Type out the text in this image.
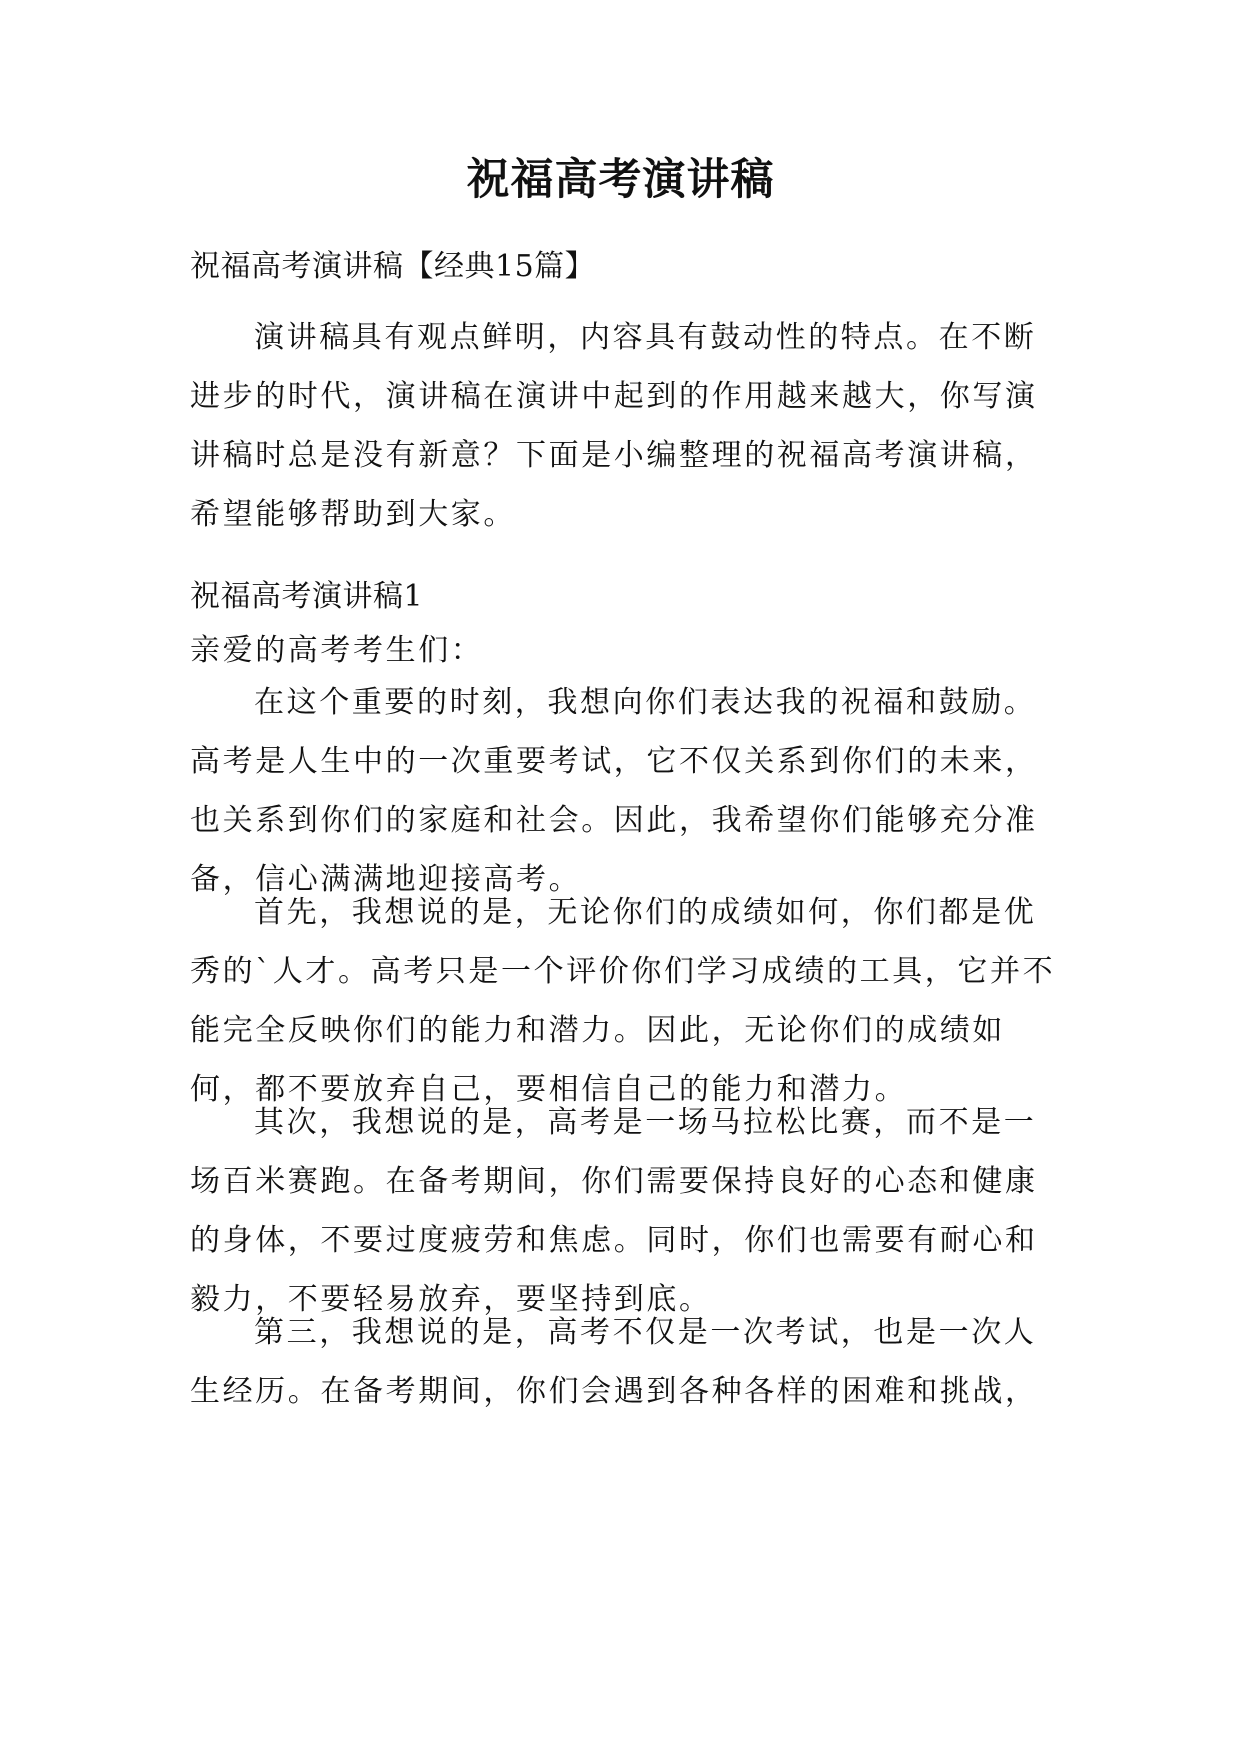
祝福高考演讲稿

祝福高考演讲稿【经典15篇】

演讲稿具有观点鲜明，内容具有鼓动性的特点。在不断进步的时代，演讲稿在演讲中起到的作用越来越大，你写演讲稿时总是没有新意？下面是小编整理的祝福高考演讲稿，希望能够帮助到大家。

祝福高考演讲稿1

亲爱的高考考生们：

在这个重要的时刻，我想向你们表达我的祝福和鼓励。高考是人生中的一次重要考试，它不仅关系到你们的未来，也关系到你们的家庭和社会。因此，我希望你们能够充分准备，信心满满地迎接高考。

首先，我想说的是，无论你们的成绩如何，你们都是优秀的`人才。高考只是一个评价你们学习成绩的工具，它并不能完全反映你们的能力和潜力。因此，无论你们的成绩如何，都不要放弃自己，要相信自己的能力和潜力。

其次，我想说的是，高考是一场马拉松比赛，而不是一场百米赛跑。在备考期间，你们需要保持良好的心态和健康的身体，不要过度疲劳和焦虑。同时，你们也需要有耐心和毅力，不要轻易放弃，要坚持到底。

第三，我想说的是，高考不仅是一次考试，也是一次人生经历。在备考期间，你们会遇到各种各样的困难和挑战，
